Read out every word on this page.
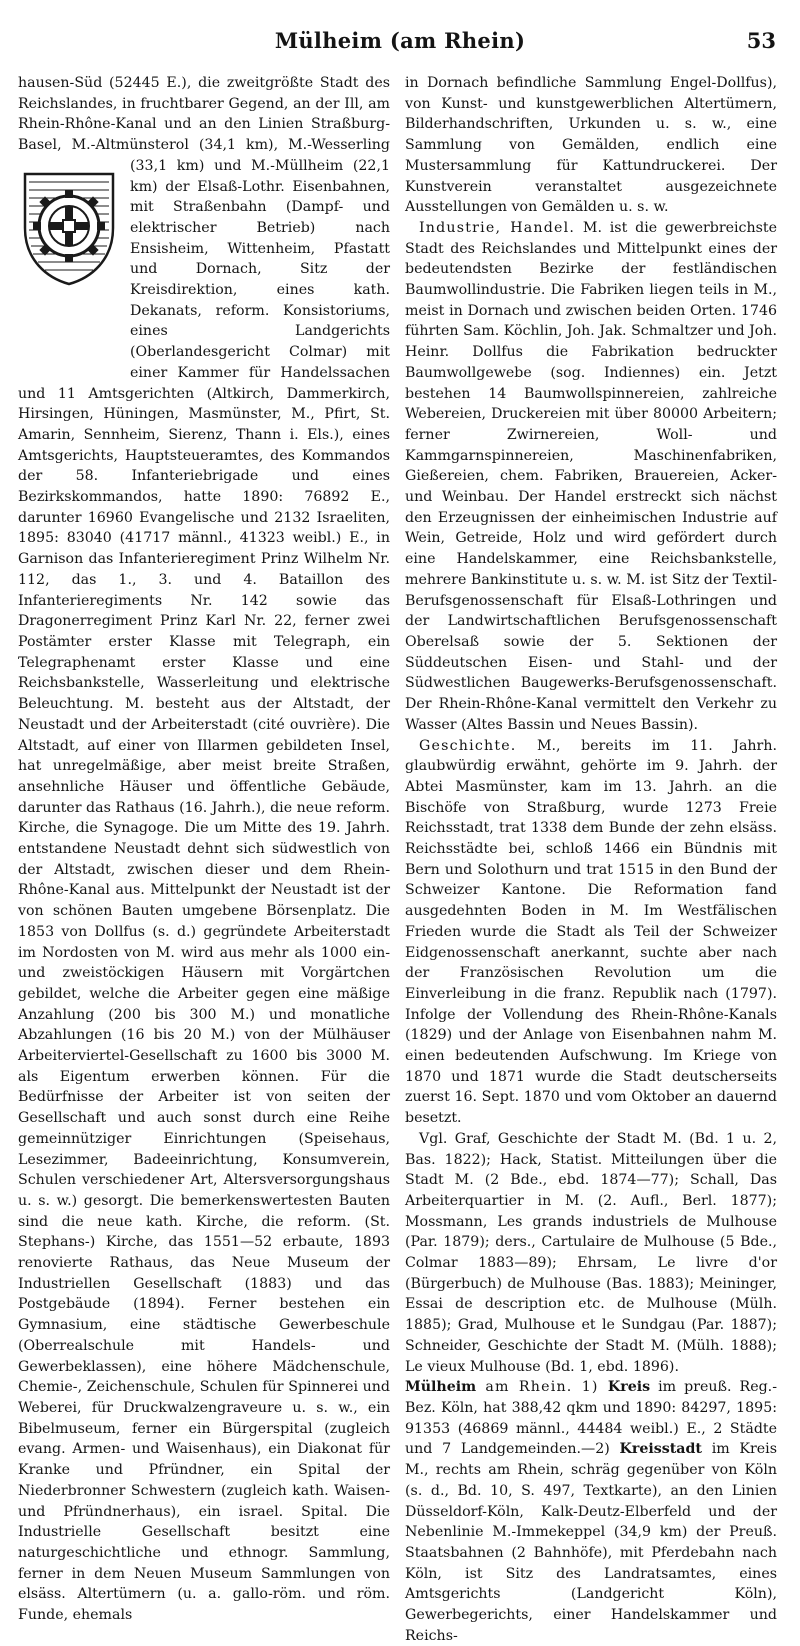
Mülheim (am Rhein)	53

hausen-Süd (52445 E.), die zweitgrößte Stadt des Reichslandes, in fruchtbarer Gegend, an der Ill, am Rhein-Rhône-Kanal und an den Linien Straßburg-Basel, M.-Altmünsterol (34,1 km), M.-Wesserling
(33,1 km) und M.-Müllheim (22,1 km) der Elsaß-Lothr. Eisenbahnen, mit Straßenbahn (Dampf- und elektrischer Betrieb) nach Ensisheim, Wittenheim, Pfastatt und Dornach, Sitz der Kreisdirektion, eines kath. Dekanats, reform. Konsistoriums, eines Landgerichts (Oberlandesgericht Colmar) mit einer Kammer für Handelssachen und 11 Amtsgerichten (Altkirch, Dammerkirch, Hirsingen, Hüningen, Masmünster, M., Pfirt, St. Amarin, Sennheim, Sierenz, Thann i. Els.), eines Amtsgerichts, Hauptsteueramtes, des Kommandos der 58. Infanteriebrigade und eines Bezirkskommandos, hatte 1890: 76892 E., darunter 16960 Evangelische und 2132 Israeliten, 1895: 83040 (41717 männl., 41323 weibl.) E., in Garnison das Infanterieregiment Prinz Wilhelm Nr. 112, das 1., 3. und 4. Bataillon des Infanterieregiments Nr. 142 sowie das Dragonerregiment Prinz Karl Nr. 22, ferner zwei Postämter erster Klasse mit Telegraph, ein Telegraphenamt erster Klasse und eine Reichsbankstelle, Wasserleitung und elektrische Beleuchtung. M. besteht aus der Altstadt, der Neustadt und der Arbeiterstadt (cité ouvrière). Die Altstadt, auf einer von Illarmen gebildeten Insel, hat unregelmäßige, aber meist breite Straßen, ansehnliche Häuser und öffentliche Gebäude, darunter das Rathaus (16. Jahrh.), die neue reform. Kirche, die Synagoge. Die um Mitte des 19. Jahrh. entstandene Neustadt dehnt sich südwestlich von der Altstadt, zwischen dieser und dem Rhein-Rhône-Kanal aus. Mittelpunkt der Neustadt ist der von schönen Bauten umgebene Börsenplatz. Die 1853 von Dollfus (s. d.) gegründete Arbeiterstadt im Nordosten von M. wird aus mehr als 1000 ein- und zweistöckigen Häusern mit Vorgärtchen gebildet, welche die Arbeiter gegen eine mäßige Anzahlung (200 bis 300 M.) und monatliche Abzahlungen (16 bis 20 M.) von der Mülhäuser Arbeiterviertel-Gesellschaft zu 1600 bis 3000 M. als Eigentum erwerben können. Für die Bedürfnisse der Arbeiter ist von seiten der Gesellschaft und auch sonst durch eine Reihe gemeinnütziger Einrichtungen (Speisehaus, Lesezimmer, Badeeinrichtung, Konsumverein, Schulen verschiedener Art, Altersversorgungshaus u. s. w.) gesorgt. Die bemerkenswertesten Bauten sind die neue kath. Kirche, die reform. (St. Stephans-) Kirche, das 1551—52 erbaute, 1893 renovierte Rathaus, das Neue Museum der Industriellen Gesellschaft (1883) und das Postgebäude (1894). Ferner bestehen ein Gymnasium, eine städtische Gewerbeschule (Oberrealschule mit Handels- und Gewerbeklassen), eine höhere Mädchenschule, Chemie-, Zeichenschule, Schulen für Spinnerei und Weberei, für Druckwalzengraveure u. s. w., ein Bibelmuseum, ferner ein Bürgerspital (zugleich evang. Armen- und Waisenhaus), ein Diakonat für Kranke und Pfründner, ein Spital der Niederbronner Schwestern (zugleich kath. Waisen- und Pfründnerhaus), ein israel. Spital. Die Industrielle Gesellschaft besitzt eine naturgeschichtliche und ethnogr. Sammlung, ferner in dem Neuen Museum Sammlungen von elsäss. Altertümern (u. a. gallo-röm. und röm. Funde, ehemals

in Dornach befindliche Sammlung Engel-Dollfus), von Kunst- und kunstgewerblichen Altertümern, Bilderhandschriften, Urkunden u. s. w., eine Sammlung von Gemälden, endlich eine Mustersammlung für Kattundruckerei. Der Kunstverein veranstaltet ausgezeichnete Ausstellungen von Gemälden u. s. w.

Industrie, Handel. M. ist die gewerbreichste Stadt des Reichslandes und Mittelpunkt eines der bedeutendsten Bezirke der festländischen Baumwollindustrie. Die Fabriken liegen teils in M., meist in Dornach und zwischen beiden Orten. 1746 führten Sam. Köchlin, Joh. Jak. Schmaltzer und Joh. Heinr. Dollfus die Fabrikation bedruckter Baumwollgewebe (sog. Indiennes) ein. Jetzt bestehen 14 Baumwollspinnereien, zahlreiche Webereien, Druckereien mit über 80000 Arbeitern; ferner Zwirnereien, Woll- und Kammgarnspinnereien, Maschinenfabriken, Gießereien, chem. Fabriken, Brauereien, Acker- und Weinbau. Der Handel erstreckt sich nächst den Erzeugnissen der einheimischen Industrie auf Wein, Getreide, Holz und wird gefördert durch eine Handelskammer, eine Reichsbankstelle, mehrere Bankinstitute u. s. w. M. ist Sitz der Textil-Berufsgenossenschaft für Elsaß-Lothringen und der Landwirtschaftlichen Berufsgenossenschaft Oberelsaß sowie der 5. Sektionen der Süddeutschen Eisen- und Stahl- und der Südwestlichen Baugewerks-Berufsgenossenschaft. Der Rhein-Rhône-Kanal vermittelt den Verkehr zu Wasser (Altes Bassin und Neues Bassin).

Geschichte. M., bereits im 11. Jahrh. glaubwürdig erwähnt, gehörte im 9. Jahrh. der Abtei Masmünster, kam im 13. Jahrh. an die Bischöfe von Straßburg, wurde 1273 Freie Reichsstadt, trat 1338 dem Bunde der zehn elsäss. Reichsstädte bei, schloß 1466 ein Bündnis mit Bern und Solothurn und trat 1515 in den Bund der Schweizer Kantone. Die Reformation fand ausgedehnten Boden in M. Im Westfälischen Frieden wurde die Stadt als Teil der Schweizer Eidgenossenschaft anerkannt, suchte aber nach der Französischen Revolution um die Einverleibung in die franz. Republik nach (1797). Infolge der Vollendung des Rhein-Rhône-Kanals (1829) und der Anlage von Eisenbahnen nahm M. einen bedeutenden Aufschwung. Im Kriege von 1870 und 1871 wurde die Stadt deutscherseits zuerst 16. Sept. 1870 und vom Oktober an dauernd besetzt.

Vgl. Graf, Geschichte der Stadt M. (Bd. 1 u. 2, Bas. 1822); Hack, Statist. Mitteilungen über die Stadt M. (2 Bde., ebd. 1874—77); Schall, Das Arbeiterquartier in M. (2. Aufl., Berl. 1877); Mossmann, Les grands industriels de Mulhouse (Par. 1879); ders., Cartulaire de Mulhouse (5 Bde., Colmar 1883—89); Ehrsam, Le livre d'or (Bürgerbuch) de Mulhouse (Bas. 1883); Meininger, Essai de description etc. de Mulhouse (Mülh. 1885); Grad, Mulhouse et le Sundgau (Par. 1887); Schneider, Geschichte der Stadt M. (Mülh. 1888); Le vieux Mulhouse (Bd. 1, ebd. 1896).

Mülheim am Rhein. 1) Kreis im preuß. Reg.-Bez. Köln, hat 388,42 qkm und 1890: 84297, 1895: 91353 (46869 männl., 44484 weibl.) E., 2 Städte und 7 Landgemeinden.—2) Kreisstadt im Kreis M., rechts am Rhein, schräg gegenüber von Köln (s. d., Bd. 10, S. 497, Textkarte), an den Linien Düsseldorf-Köln, Kalk-Deutz-Elberfeld und der Nebenlinie M.-Immekeppel (34,9 km) der Preuß. Staatsbahnen (2 Bahnhöfe), mit Pferdebahn nach Köln, ist Sitz des Landratsamtes, eines Amtsgerichts (Landgericht Köln), Gewerbegerichts, einer Handelskammer und Reichs-
